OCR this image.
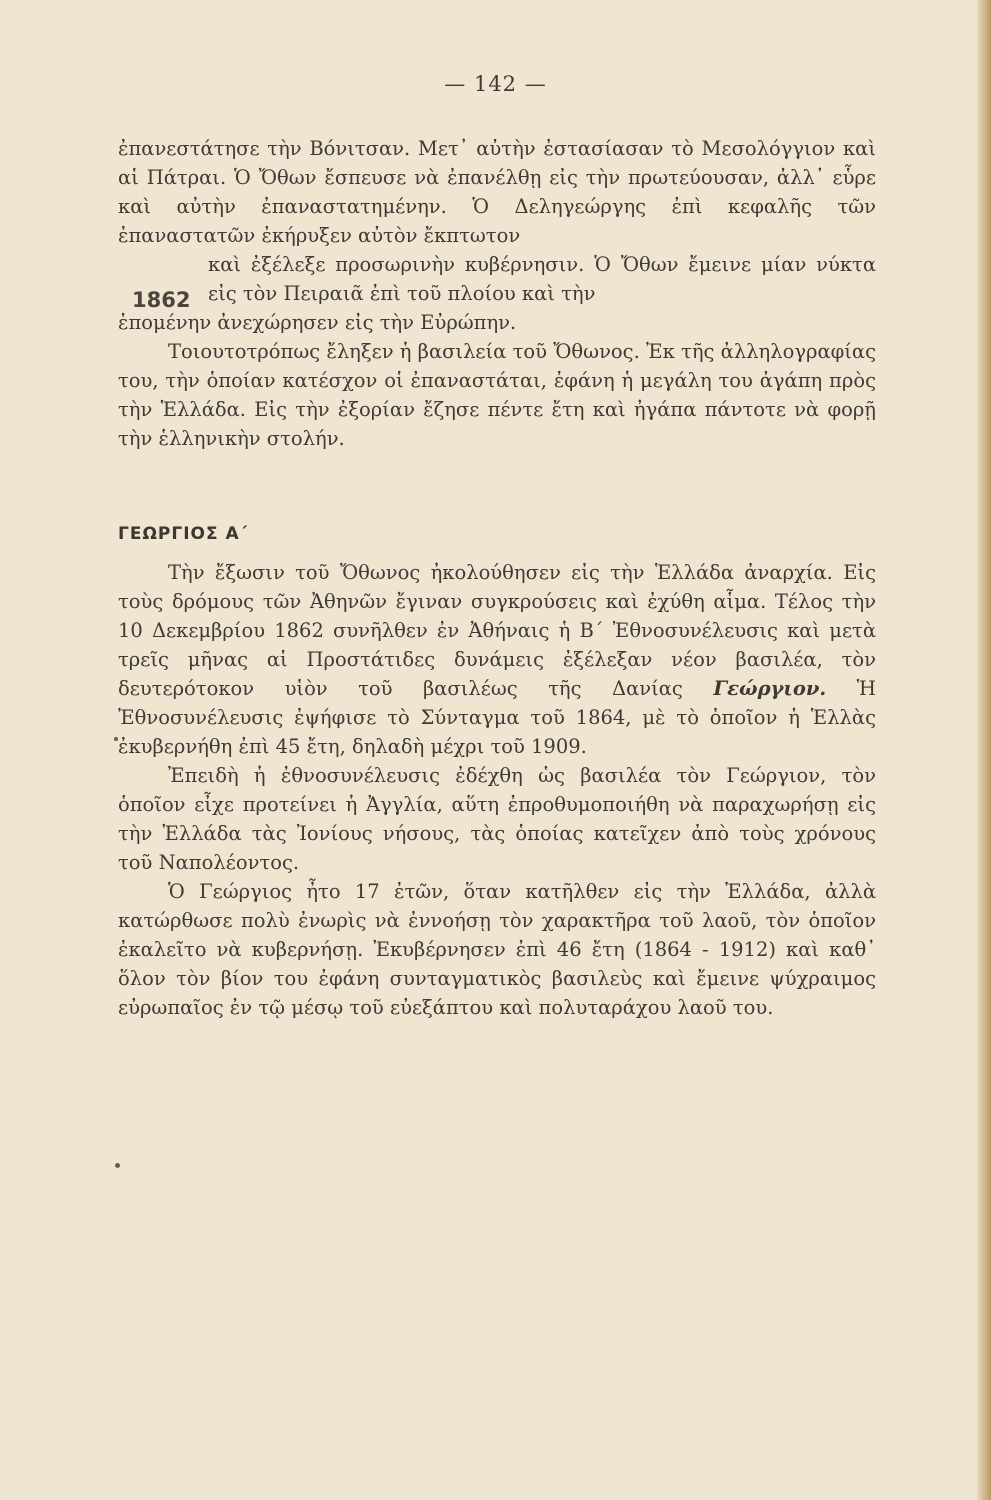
— 142 —
1862

ἐπανεστάτησε τὴν Βόνιτσαν. Μετ᾽ αὐτὴν ἐστασίασαν τὸ Μεσολόγγιον καὶ αἱ Πάτραι. Ὁ Ὄθων ἔσπευσε νὰ ἐπανέλθῃ εἰς τὴν πρωτεύουσαν, ἀλλ᾽ εὗρε καὶ αὐτὴν ἐπαναστατημένην. Ὁ Δεληγεώργης ἐπὶ κεφαλῆς τῶν ἐπαναστατῶν ἐκήρυξεν αὐτὸν ἔκπτωτον

καὶ ἐξέλεξε προσωρινὴν κυβέρνησιν. Ὁ Ὄθων ἔμεινε μίαν νύκτα εἰς τὸν Πειραιᾶ ἐπὶ τοῦ πλοίου καὶ τὴν

ἑπομένην ἀνεχώρησεν εἰς τὴν Εὐρώπην.

Τοιουτοτρόπως ἔληξεν ἡ βασιλεία τοῦ Ὄθωνος. Ἐκ τῆς ἀλληλογραφίας του, τὴν ὁποίαν κατέσχον οἱ ἐπαναστάται, ἐφάνη ἡ μεγάλη του ἀγάπη πρὸς τὴν Ἑλλάδα. Εἰς τὴν ἐξορίαν ἔζησε πέντε ἔτη καὶ ἠγάπα πάντοτε νὰ φορῇ τὴν ἑλληνικὴν στολήν.

ΓΕΩΡΓΙΟΣ Α΄

Τὴν ἔξωσιν τοῦ Ὄθωνος ἠκολούθησεν εἰς τὴν Ἑλλάδα ἀναρχία. Εἰς τοὺς δρόμους τῶν Ἀθηνῶν ἔγιναν συγκρούσεις καὶ ἐχύθη αἷμα. Τέλος τὴν 10 Δεκεμβρίου 1862 συνῆλθεν ἐν Ἀθήναις ἡ Β΄ Ἐθνοσυνέλευσις καὶ μετὰ τρεῖς μῆνας αἱ Προστάτιδες δυνάμεις ἐξέλεξαν νέον βασιλέα, τὸν δευτερότοκον υἱὸν τοῦ βασιλέως τῆς Δανίας Γεώργιον. Ἡ Ἐθνοσυνέλευσις ἐψήφισε τὸ Σύνταγμα τοῦ 1864, μὲ τὸ ὁποῖον ἡ Ἑλλὰς ἐκυβερνήθη ἐπὶ 45 ἔτη, δηλαδὴ μέχρι τοῦ 1909.

Ἐπειδὴ ἡ ἐθνοσυνέλευσις ἐδέχθη ὡς βασιλέα τὸν Γεώργιον, τὸν ὁποῖον εἶχε προτείνει ἡ Ἀγγλία, αὕτη ἐπροθυμοποιήθη νὰ παραχωρήσῃ εἰς τὴν Ἑλλάδα τὰς Ἰονίους νήσους, τὰς ὁποίας κατεῖχεν ἀπὸ τοὺς χρόνους τοῦ Ναπολέοντος.

Ὁ Γεώργιος ἦτο 17 ἐτῶν, ὅταν κατῆλθεν εἰς τὴν Ἑλλάδα, ἀλλὰ κατώρθωσε πολὺ ἐνωρὶς νὰ ἐννοήσῃ τὸν χαρακτῆρα τοῦ λαοῦ, τὸν ὁποῖον ἐκαλεῖτο νὰ κυβερνήσῃ. Ἐκυβέρνησεν ἐπὶ 46 ἔτη (1864 - 1912) καὶ καθ᾽ ὅλον τὸν βίον του ἐφάνη συνταγματικὸς βασιλεὺς καὶ ἔμεινε ψύχραιμος εὐρωπαῖος ἐν τῷ μέσῳ τοῦ εὐεξάπτου καὶ πολυταράχου λαοῦ του.
